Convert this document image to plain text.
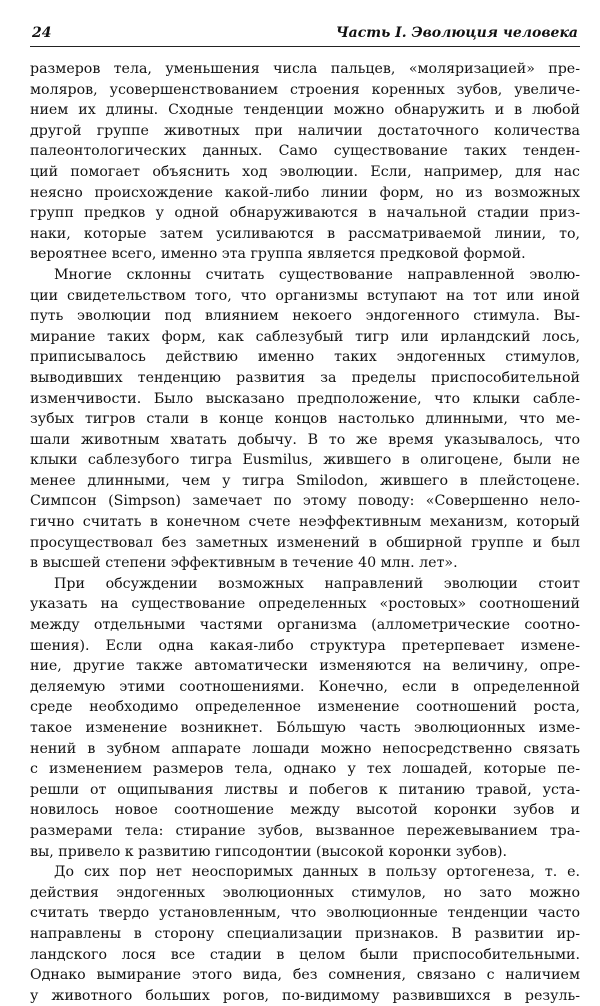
24	Часть I. Эволюция человека
размеров тела, уменьшения числа пальцев, «моляризацией» пре-
моляров, усовершенствованием строения коренных зубов, увеличе-
нием их длины. Сходные тенденции можно обнаружить и в любой
другой группе животных при наличии достаточного количества
палеонтологических данных. Само существование таких тенден-
ций помогает объяснить ход эволюции. Если, например, для нас
неясно происхождение какой-либо линии форм, но из возможных
групп предков у одной обнаруживаются в начальной стадии приз-
наки, которые затем усиливаются в рассматриваемой линии, то,
вероятнее всего, именно эта группа является предковой формой.
Многие склонны считать существование направленной эволю-
ции свидетельством того, что организмы вступают на тот или иной
путь эволюции под влиянием некоего эндогенного стимула. Вы-
мирание таких форм, как саблезубый тигр или ирландский лось,
приписывалось действию именно таких эндогенных стимулов,
выводивших тенденцию развития за пределы приспособительной
изменчивости. Было высказано предположение, что клыки сабле-
зубых тигров стали в конце концов настолько длинными, что ме-
шали животным хватать добычу. В то же время указывалось, что
клыки саблезубого тигра Eusmilus, жившего в олигоцене, были не
менее длинными, чем у тигра Smilodon, жившего в плейстоцене.
Симпсон (Simpson) замечает по этому поводу: «Совершенно нело-
гично считать в конечном счете неэффективным механизм, который
просуществовал без заметных изменений в обширной группе и был
в высшей степени эффективным в течение 40 млн. лет».
При обсуждении возможных направлений эволюции стоит
указать на существование определенных «ростовых» соотношений
между отдельными частями организма (аллометрические соотно-
шения). Если одна какая-либо структура претерпевает измене-
ние, другие также автоматически изменяются на величину, опре-
деляемую этими соотношениями. Конечно, если в определенной
среде необходимо определенное изменение соотношений роста,
такое изменение возникнет. Бо́льшую часть эволюционных изме-
нений в зубном аппарате лошади можно непосредственно связать
с изменением размеров тела, однако у тех лошадей, которые пе-
решли от ощипывания листвы и побегов к питанию травой, уста-
новилось новое соотношение между высотой коронки зубов и
размерами тела: стирание зубов, вызванное пережевыванием тра-
вы, привело к развитию гипсодонтии (высокой коронки зубов).
До сих пор нет неоспоримых данных в пользу ортогенеза, т. е.
действия эндогенных эволюционных стимулов, но зато можно
считать твердо установленным, что эволюционные тенденции часто
направлены в сторону специализации признаков. В развитии ир-
ландского лося все стадии в целом были приспособительными.
Однако вымирание этого вида, без сомнения, связано с наличием
у животного больших рогов, по-видимому развившихся в резуль-
